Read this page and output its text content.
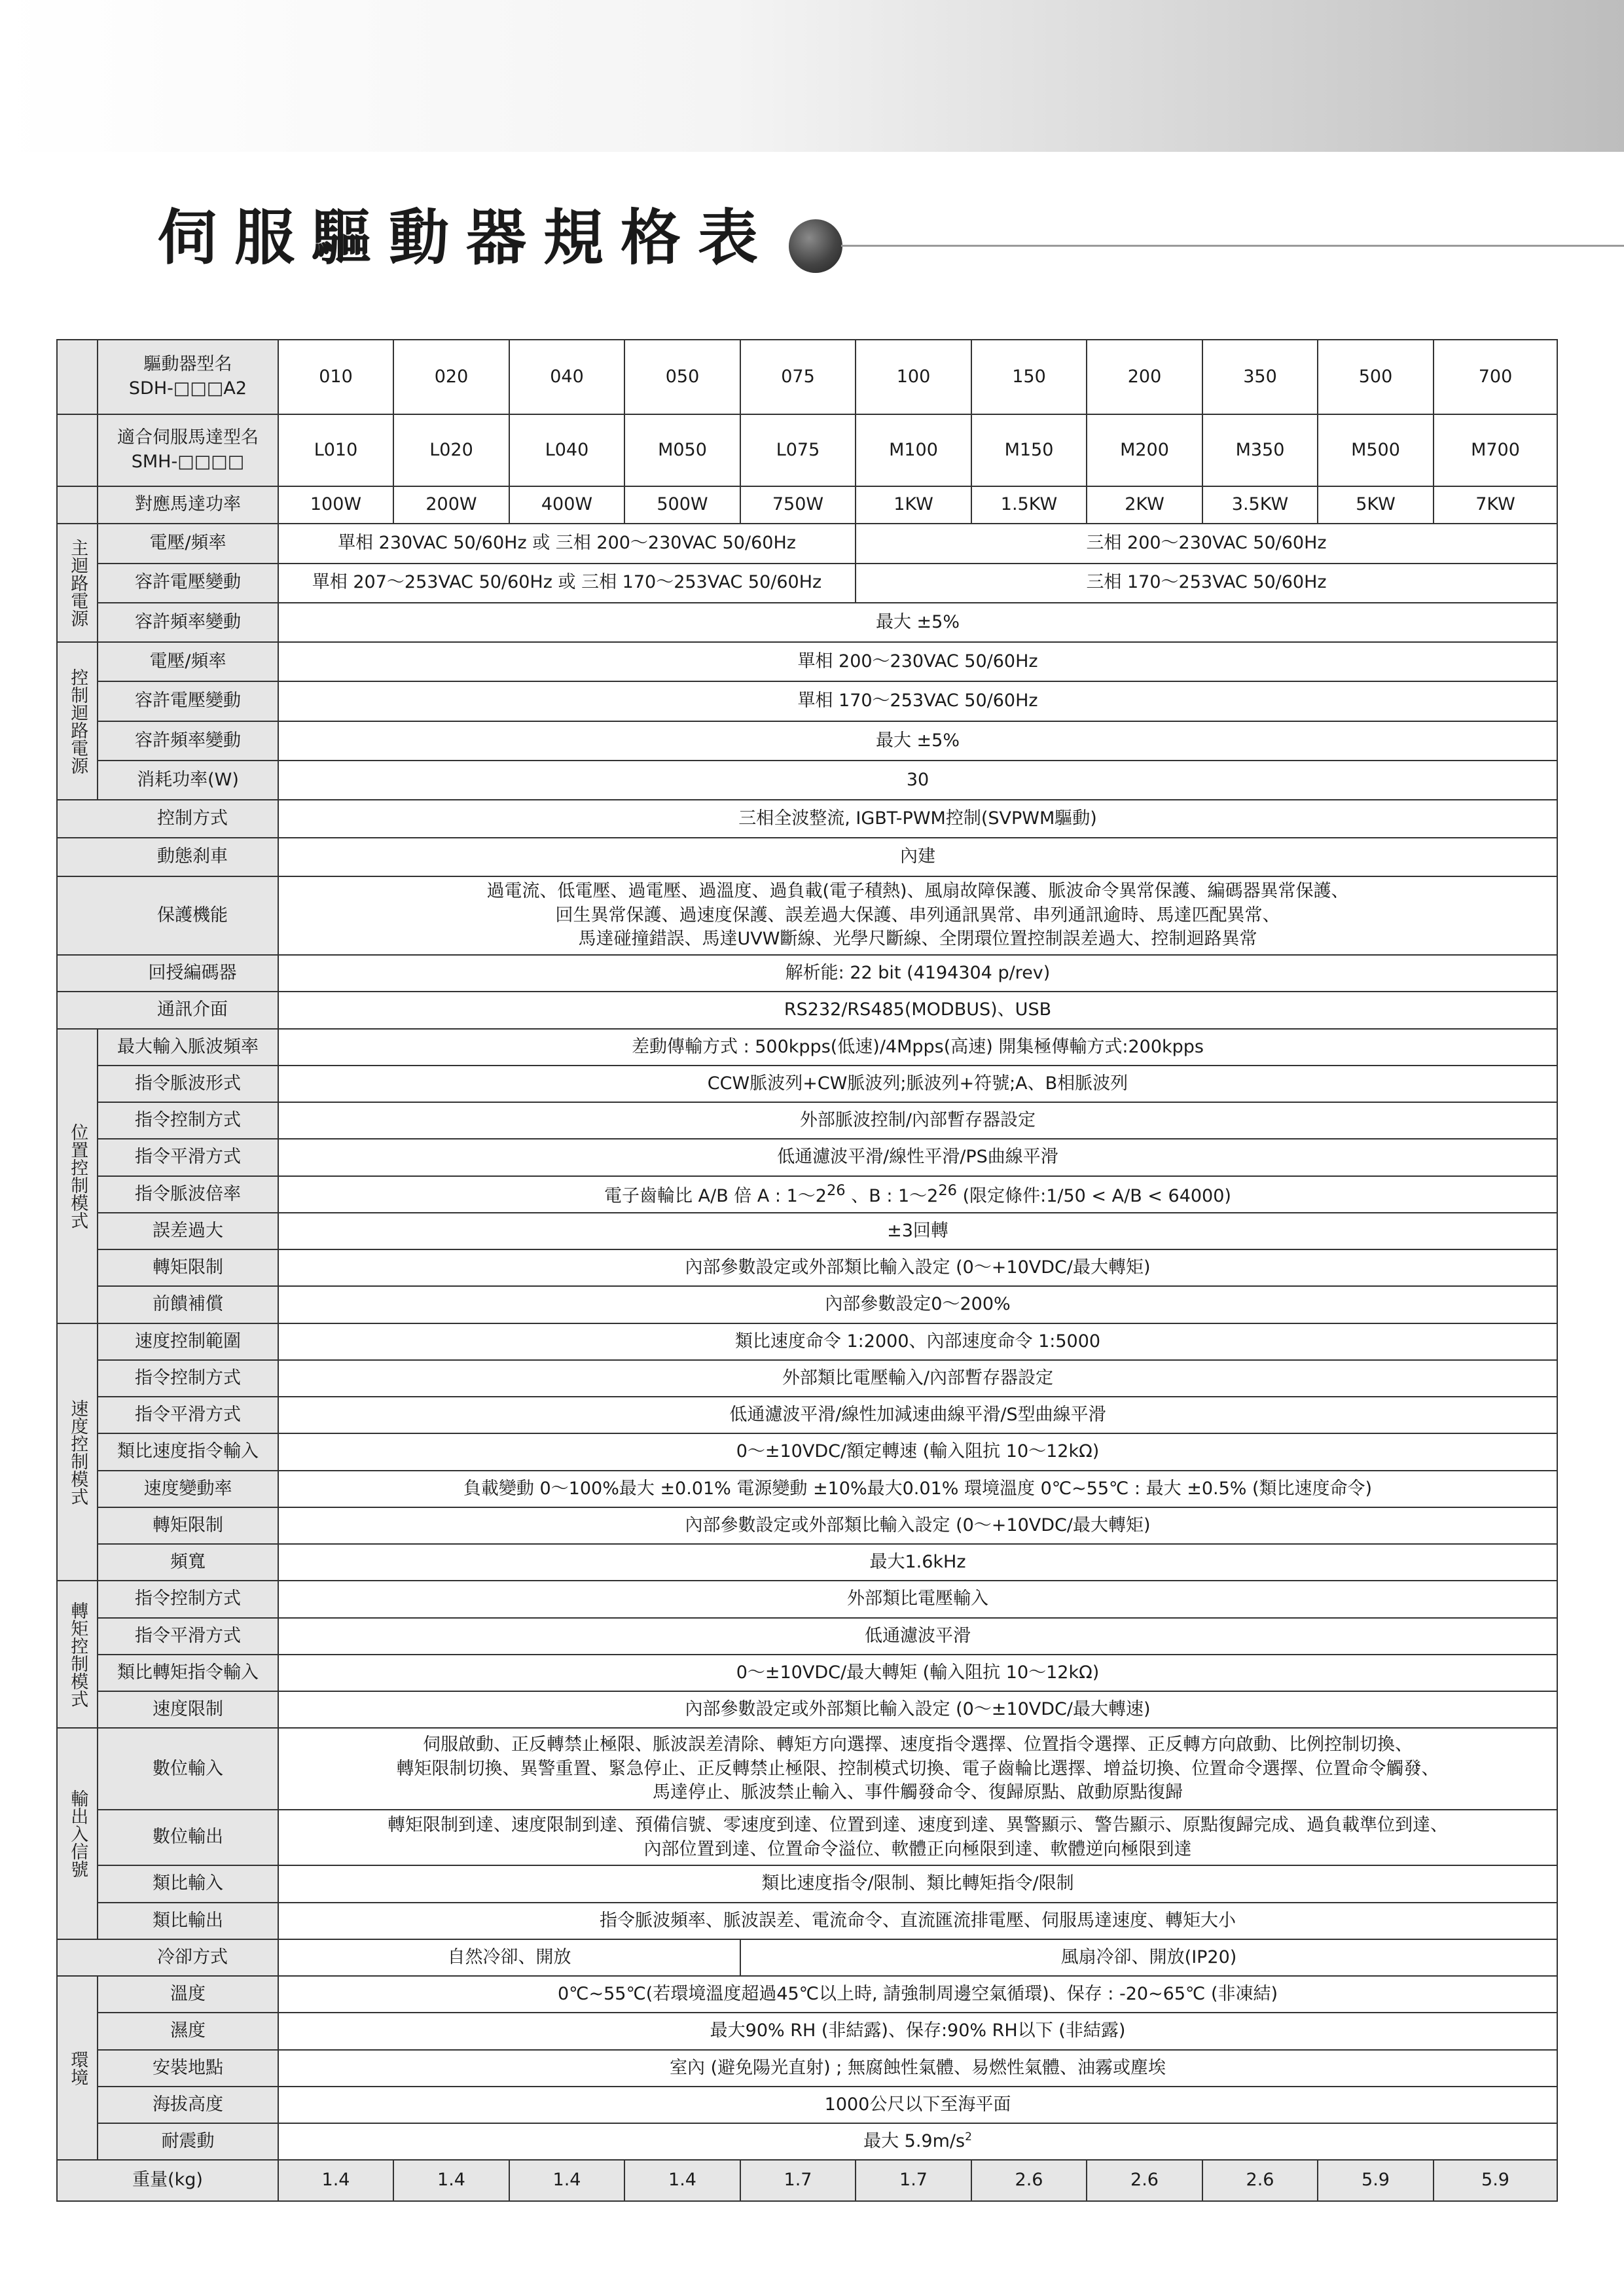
伺服驅動器規格表

	驅動器型名
SDH-□□□A2	010	020	040	050	075	100	150	200	350	500	700

	適合伺服馬達型名
SMH-□□□□	L010	L020	L040	M050	L075	M100	M150	M200	M350	M500	M700
	對應馬達功率	100W	200W	400W	500W	750W	1KW	1.5KW	2KW	3.5KW	5KW	7KW

主迴路電源	電壓/頻率	單相 230VAC 50/60Hz 或 三相 200～230VAC 50/60Hz					三相 200～230VAC 50/60Hz					
	容許電壓變動	單相 207～253VAC 50/60Hz 或 三相 170～253VAC 50/60Hz					三相 170～253VAC 50/60Hz					
	容許頻率變動	最大 ±5%										

控制迴路電源	電壓/頻率	單相 200～230VAC 50/60Hz										
	容許電壓變動	單相 170～253VAC 50/60Hz										
	容許頻率變動	最大 ±5%										
	消耗功率(W)	30										
控制方式		三相全波整流, IGBT-PWM控制(SVPWM驅動)										
動態刹車		內建										
保護機能		過電流、低電壓、過電壓、過溫度、過負載(電子積熱)、風扇故障保護、脈波命令異常保護、編碼器異常保護、
回生異常保護、過速度保護、誤差過大保護、串列通訊異常、串列通訊逾時、馬達匹配異常、
馬達碰撞錯誤、馬達UVW斷線、光學尺斷線、全閉環位置控制誤差過大、控制迴路異常										

回授編碼器		解析能: 22 bit (4194304 p/rev)										
通訊介面		RS232/RS485(MODBUS)、USB										

位置控制模式	最大輸入脈波頻率	差動傳輸方式 : 500kpps(低速)/4Mpps(高速) 開集極傳輸方式:200kpps										
	指令脈波形式	CCW脈波列+CW脈波列;脈波列+符號;A、B相脈波列										
	指令控制方式	外部脈波控制/內部暫存器設定										
	指令平滑方式	低通濾波平滑/線性平滑/PS曲線平滑										
	指令脈波倍率	電子齒輪比 A/B 倍 A : $1\sim 2^{26}$ 、B : $1\sim 2^{26}$ (限定條件:1/50 < A/B < 64000)										
	誤差過大	±3回轉										
	轉矩限制	內部參數設定或外部類比輸入設定 (0～+10VDC/最大轉矩)										
	前饋補償	內部參數設定0～200%										

速度控制模式	速度控制範圍	類比速度命令 1:2000、內部速度命令 1:5000										
	指令控制方式	外部類比電壓輸入/內部暫存器設定										
	指令平滑方式	低通濾波平滑/線性加減速曲線平滑/S型曲線平滑										
	類比速度指令輸入	0～±10VDC/額定轉速 (輸入阻抗 10～12kΩ)										
	速度變動率	負載變動 0～100%最大 ±0.01% 電源變動 ±10%最大0.01% 環境溫度 0℃~55℃ : 最大 ±0.5% (類比速度命令)										
	轉矩限制	內部參數設定或外部類比輸入設定 (0～+10VDC/最大轉矩)										
	頻寬	最大1.6kHz										

轉矩控制模式	指令控制方式	外部類比電壓輸入										
	指令平滑方式	低通濾波平滑										
	類比轉矩指令輸入	0～±10VDC/最大轉矩 (輸入阻抗 10～12kΩ)										
	速度限制	內部參數設定或外部類比輸入設定 (0～±10VDC/最大轉速)										

輸出入信號	數位輸入	伺服啟動、正反轉禁止極限、脈波誤差清除、轉矩方向選擇、速度指令選擇、位置指令選擇、正反轉方向啟動、比例控制切換、
轉矩限制切換、異警重置、緊急停止、正反轉禁止極限、控制模式切換、電子齒輪比選擇、增益切換、位置命令選擇、位置命令觸發、
馬達停止、脈波禁止輸入、事件觸發命令、復歸原點、啟動原點復歸										

	數位輸出	轉矩限制到達、速度限制到達、預備信號、零速度到達、位置到達、速度到達、異警顯示、警告顯示、原點復歸完成、過負載準位到達、
內部位置到達、位置命令溢位、軟體正向極限到達、軟體逆向極限到達										

	類比輸入	類比速度指令/限制、類比轉矩指令/限制										
	類比輸出	指令脈波頻率、脈波誤差、電流命令、直流匯流排電壓、伺服馬達速度、轉矩大小										
冷卻方式		自然冷卻、開放				風扇冷卻、開放(IP20)						

環境	溫度	0℃~55℃(若環境溫度超過45℃以上時, 請強制周邊空氣循環)、保存 : -20~65℃ (非凍結)										
	濕度	最大90% RH (非結露)、保存:90% RH以下 (非結露)										
	安裝地點	室內 (避免陽光直射) ; 無腐蝕性氣體、易燃性氣體、油霧或塵埃										
	海拔高度	1000公尺以下至海平面										
	耐震動	最大 $5.9m/s^2$
重量(kg)		1.4	1.4	1.4	1.4	1.7	1.7	2.6	2.6	2.6	5.9	5.9
